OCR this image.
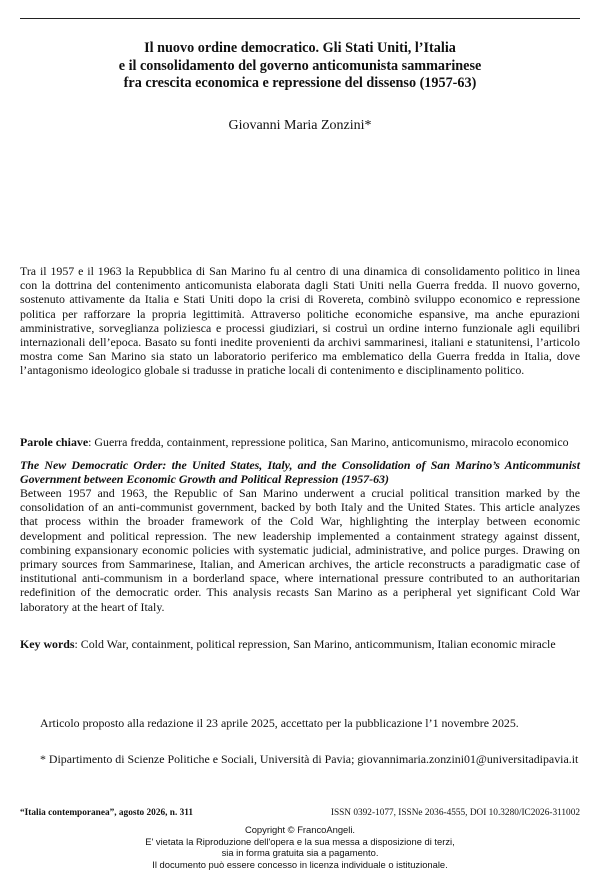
Il nuovo ordine democratico. Gli Stati Uniti, l’Italia
e il consolidamento del governo anticomunista sammarinese
fra crescita economica e repressione del dissenso (1957-63)
Giovanni Maria Zonzini*
Tra il 1957 e il 1963 la Repubblica di San Marino fu al centro di una dinamica di consolidamento politico in linea con la dottrina del contenimento anticomunista elaborata dagli Stati Uniti nella Guerra fredda. Il nuovo governo, sostenuto attivamente da Italia e Stati Uniti dopo la crisi di Rovereta, combinò sviluppo economico e repressione politica per rafforzare la propria legittimità. Attraverso politiche economiche espansive, ma anche epurazioni amministrative, sorveglianza poliziesca e processi giudiziari, si costruì un ordine interno funzionale agli equilibri internazionali dell’epoca. Basato su fonti inedite provenienti da archivi sammarinesi, italiani e statunitensi, l’articolo mostra come San Marino sia stato un laboratorio periferico ma emblematico della Guerra fredda in Italia, dove l’antagonismo ideologico globale si tradusse in pratiche locali di contenimento e disciplinamento politico.
Parole chiave: Guerra fredda, containment, repressione politica, San Marino, anticomunismo, miracolo economico
The New Democratic Order: the United States, Italy, and the Consolidation of San Marino’s Anticommunist Government between Economic Growth and Political Repression (1957-63)
Between 1957 and 1963, the Republic of San Marino underwent a crucial political transition marked by the consolidation of an anti-communist government, backed by both Italy and the United States. This article analyzes that process within the broader framework of the Cold War, highlighting the interplay between economic development and political repression. The new leadership implemented a containment strategy against dissent, combining expansionary economic policies with systematic judicial, administrative, and police purges. Drawing on primary sources from Sammarinese, Italian, and American archives, the article reconstructs a paradigmatic case of institutional anti-communism in a borderland space, where international pressure contributed to an authoritarian redefinition of the democratic order. This analysis recasts San Marino as a peripheral yet significant Cold War laboratory at the heart of Italy.
Key words: Cold War, containment, political repression, San Marino, anticommunism, Italian economic miracle
Articolo proposto alla redazione il 23 aprile 2025, accettato per la pubblicazione l’1 novembre 2025.
* Dipartimento di Scienze Politiche e Sociali, Università di Pavia; giovannimaria.zonzini01@universitadipavia.it
“Italia contemporanea”, agosto 2026, n. 311	ISSN 0392-1077, ISSNe 2036-4555, DOI 10.3280/IC2026-311002
Copyright © FrancoAngeli.
E' vietata la Riproduzione dell'opera e la sua messa a disposizione di terzi,
sia in forma gratuita sia a pagamento.
Il documento può essere concesso in licenza individuale o istituzionale.
